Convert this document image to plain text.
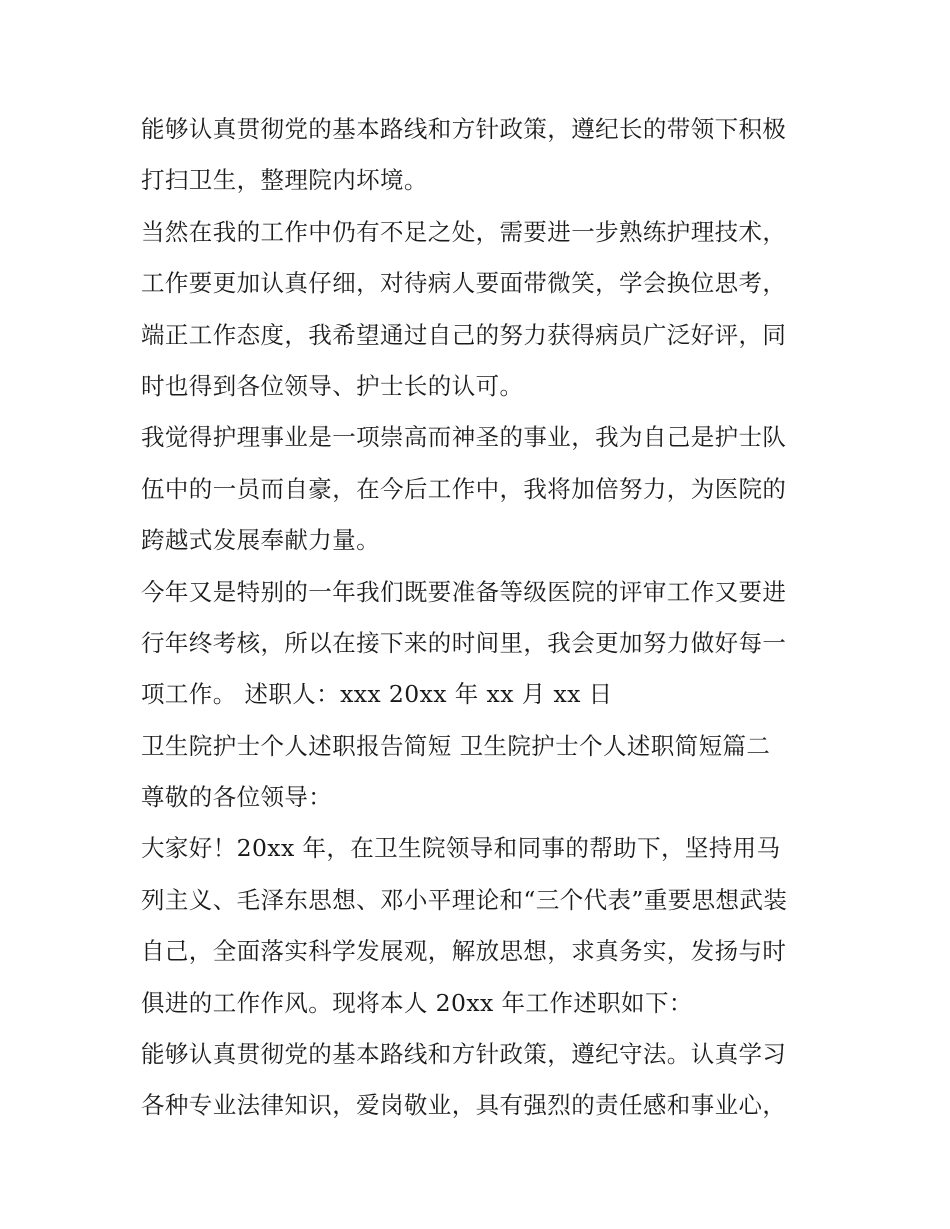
能够认真贯彻党的基本路线和方针政策，遵纪长的带领下积极
打扫卫生，整理院内坏境。
当然在我的工作中仍有不足之处，需要进一步熟练护理技术，
工作要更加认真仔细，对待病人要面带微笑，学会换位思考，
端正工作态度，我希望通过自己的努力获得病员广泛好评，同
时也得到各位领导、护士长的认可。
我觉得护理事业是一项崇高而神圣的事业，我为自己是护士队
伍中的一员而自豪，在今后工作中，我将加倍努力，为医院的
跨越式发展奉献力量。
今年又是特别的一年我们既要准备等级医院的评审工作又要进
行年终考核，所以在接下来的时间里，我会更加努力做好每一
项工作。 述职人：xxx 20xx 年 xx 月 xx 日
卫生院护士个人述职报告简短 卫生院护士个人述职简短篇二
尊敬的各位领导：
大家好！20xx 年，在卫生院领导和同事的帮助下，坚持用马
列主义、毛泽东思想、邓小平理论和“三个代表”重要思想武装
自己，全面落实科学发展观，解放思想，求真务实，发扬与时
俱进的工作作风。现将本人 20xx 年工作述职如下：
能够认真贯彻党的基本路线和方针政策，遵纪守法。认真学习
各种专业法律知识，爱岗敬业，具有强烈的责任感和事业心，
